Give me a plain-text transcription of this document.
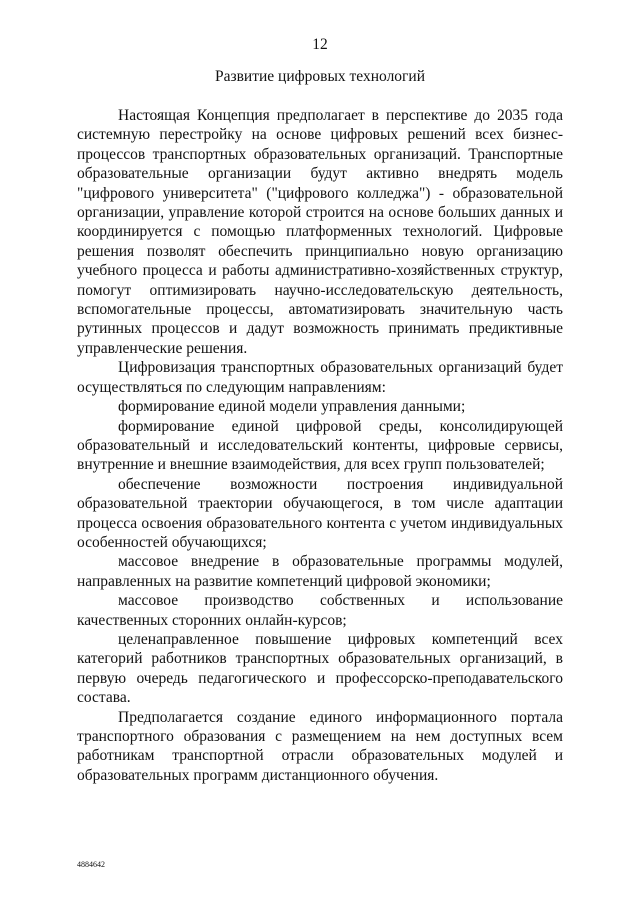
12
Развитие цифровых технологий

Настоящая Концепция предполагает в перспективе до 2035 года системную перестройку на основе цифровых решений всех бизнес-процессов транспортных образовательных организаций. Транспортные образовательные организации будут активно внедрять модель "цифрового университета" ("цифрового колледжа") - образовательной организации, управление которой строится на основе больших данных и координируется с помощью платформенных технологий. Цифровые решения позволят обеспечить принципиально новую организацию учебного процесса и работы административно-хозяйственных структур, помогут оптимизировать научно-исследовательскую деятельность, вспомогательные процессы, автоматизировать значительную часть рутинных процессов и дадут возможность принимать предиктивные управленческие решения.

Цифровизация транспортных образовательных организаций будет осуществляться по следующим направлениям:

формирование единой модели управления данными;

формирование единой цифровой среды, консолидирующей образовательный и исследовательский контенты, цифровые сервисы, внутренние и внешние взаимодействия, для всех групп пользователей;

обеспечение возможности построения индивидуальной образовательной траектории обучающегося, в том числе адаптации процесса освоения образовательного контента с учетом индивидуальных особенностей обучающихся;

массовое внедрение в образовательные программы модулей, направленных на развитие компетенций цифровой экономики;

массовое производство собственных и использование качественных сторонних онлайн-курсов;

целенаправленное повышение цифровых компетенций всех категорий работников транспортных образовательных организаций, в первую очередь педагогического и профессорско-преподавательского состава.

Предполагается создание единого информационного портала транспортного образования с размещением на нем доступных всем работникам транспортной отрасли образовательных модулей и образовательных программ дистанционного обучения.

4884642
